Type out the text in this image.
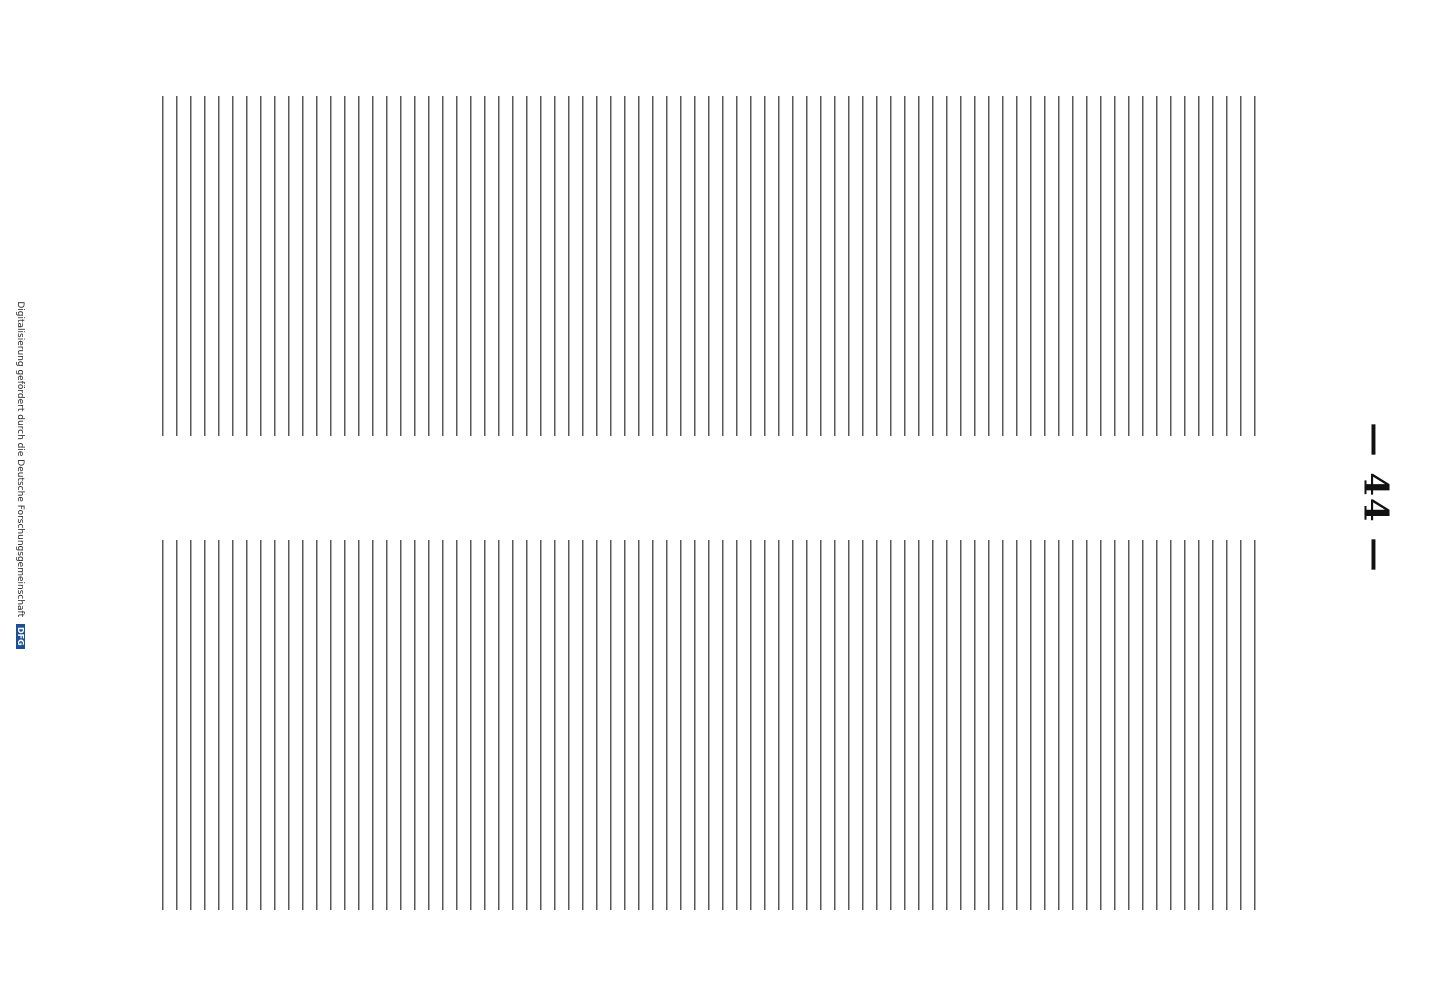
— 44 —
Digitalisierung gefördert durch die Deutsche Forschungsgemeinschaft DFG
